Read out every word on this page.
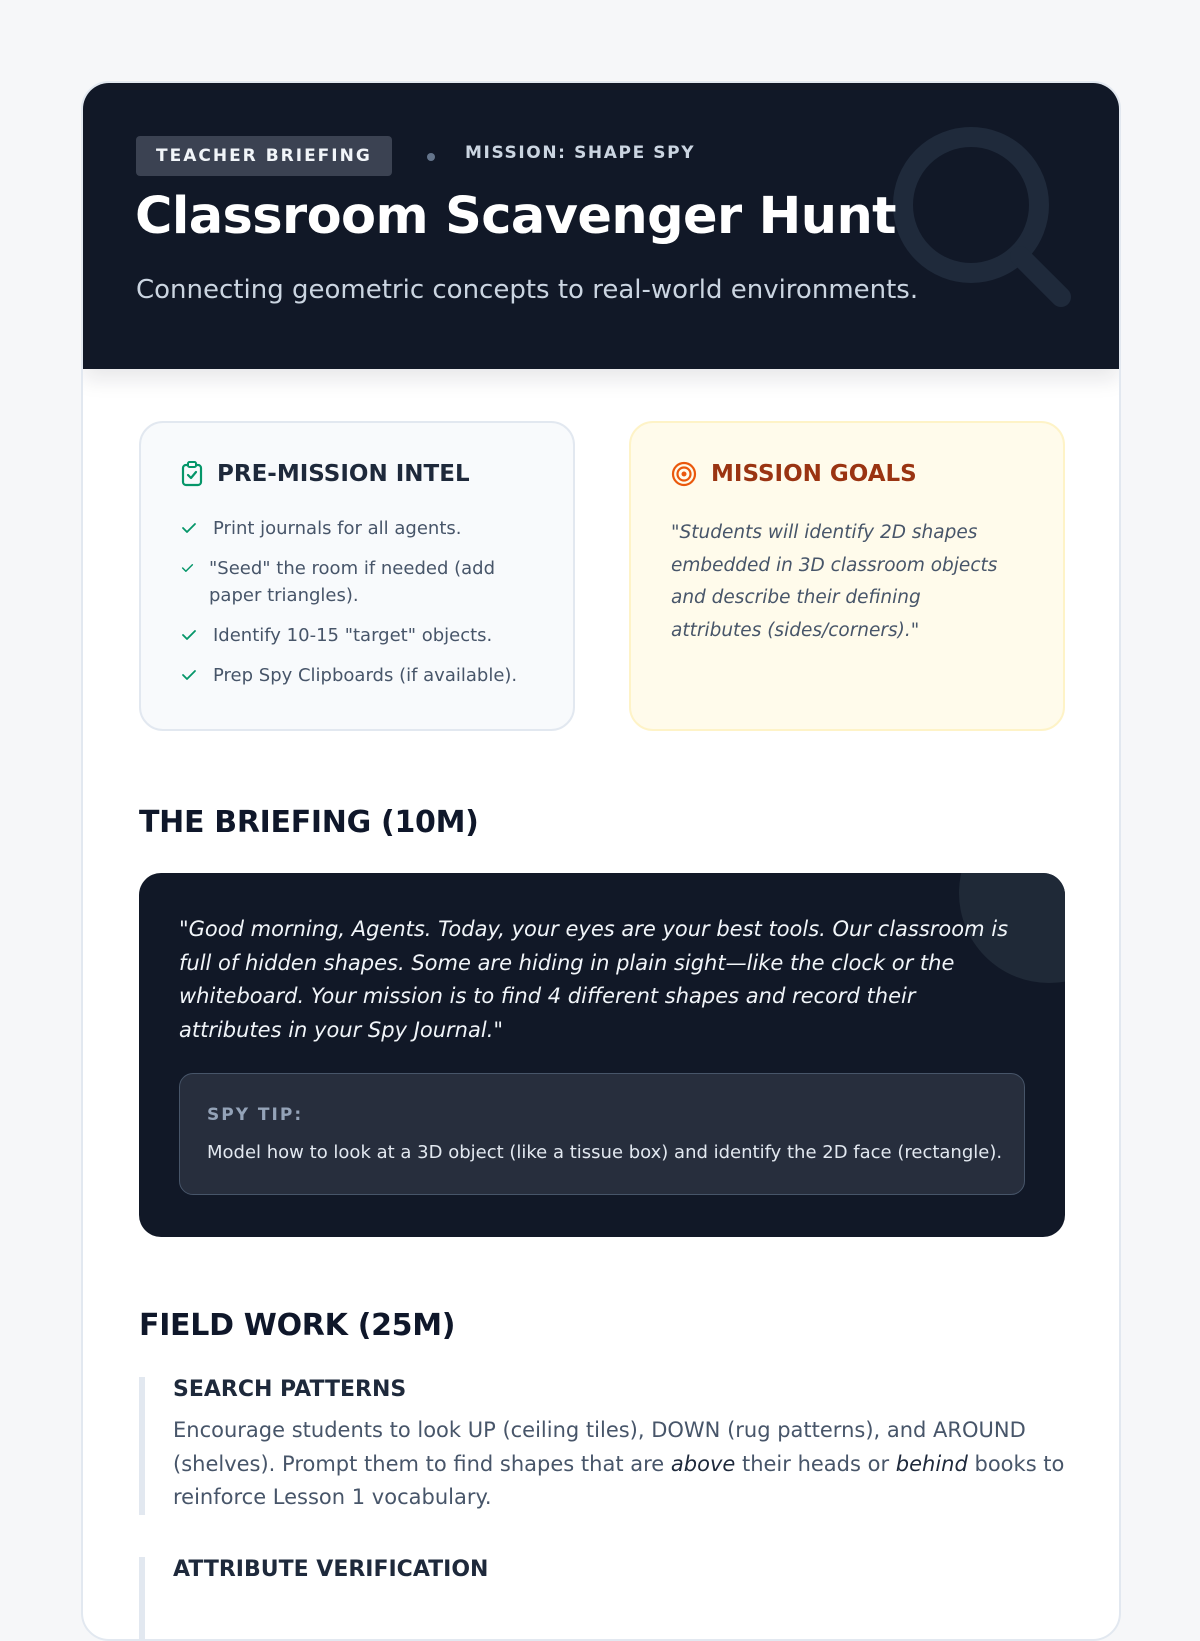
TEACHER BRIEFING	MISSION: SHAPE SPY
Classroom Scavenger Hunt

Connecting geometric concepts to real-world environments.

PRE-MISSION INTEL
Print journals for all agents.
"Seed" the room if needed (add paper triangles).
Identify 10-15 "target" objects.
Prep Spy Clipboards (if available).
MISSION GOALS

"Students will identify 2D shapes embedded in 3D classroom objects and describe their defining attributes (sides/corners)."

THE BRIEFING (10M)

"Good morning, Agents. Today, your eyes are your best tools. Our classroom is full of hidden shapes. Some are hiding in plain sight—like the clock or the whiteboard. Your mission is to find 4 different shapes and record their attributes in your Spy Journal."

SPY TIP:
Model how to look at a 3D object (like a tissue box) and identify the 2D face (rectangle).
FIELD WORK (25M)
SEARCH PATTERNS

Encourage students to look UP (ceiling tiles), DOWN (rug patterns), and AROUND (shelves). Prompt them to find shapes that are above their heads or behind books to reinforce Lesson 1 vocabulary.

ATTRIBUTE VERIFICATION
